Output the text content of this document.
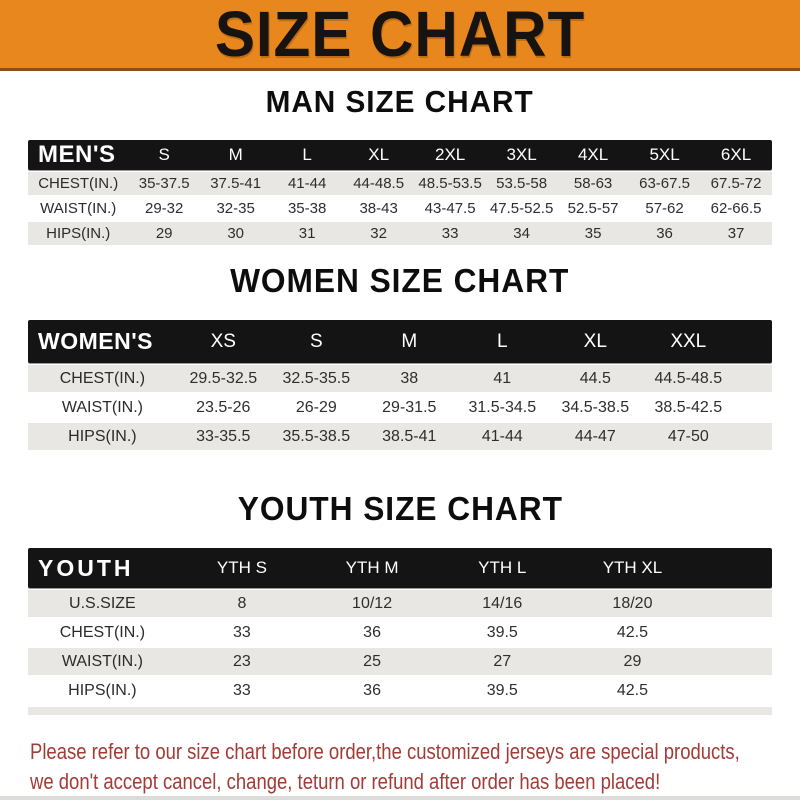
SIZE CHART
MAN SIZE CHART
MEN'S	S	M	L	XL	2XL	3XL	4XL	5XL	6XL
CHEST(IN.)	35-37.5	37.5-41	41-44	44-48.5 48.5-53.5 53.5-58	58-63	63-67.5	67.5-72
WAIST(IN.)	29-32	32-35	35-38	38-43	43-47.5 47.5-52.5 52.5-57	57-62	62-66.5
HIPS(IN.)	29	30	31	32	33	34	35	36	37
WOMEN SIZE CHART
WOMEN'S	XS	S	M	L	XL	XXL
CHEST(IN.)	29.5-32.5	32.5-35.5	38	41	44.5	44.5-48.5
WAIST(IN.)	23.5-26	26-29	29-31.5	31.5-34.5	34.5-38.5	38.5-42.5
HIPS(IN.)	33-35.5	35.5-38.5	38.5-41	41-44	44-47	47-50
YOUTH SIZE CHART
YOUTH	YTH S	YTH M	YTH L	YTH XL
U.S.SIZE	8	10/12	14/16	18/20
CHEST(IN.)	33	36	39.5	42.5
WAIST(IN.)	23	25	27	29
HIPS(IN.)	33	36	39.5	42.5

Please refer to our size chart before order,the customized jerseys are special products,

we don't accept cancel, change, teturn or refund after order has been placed!
